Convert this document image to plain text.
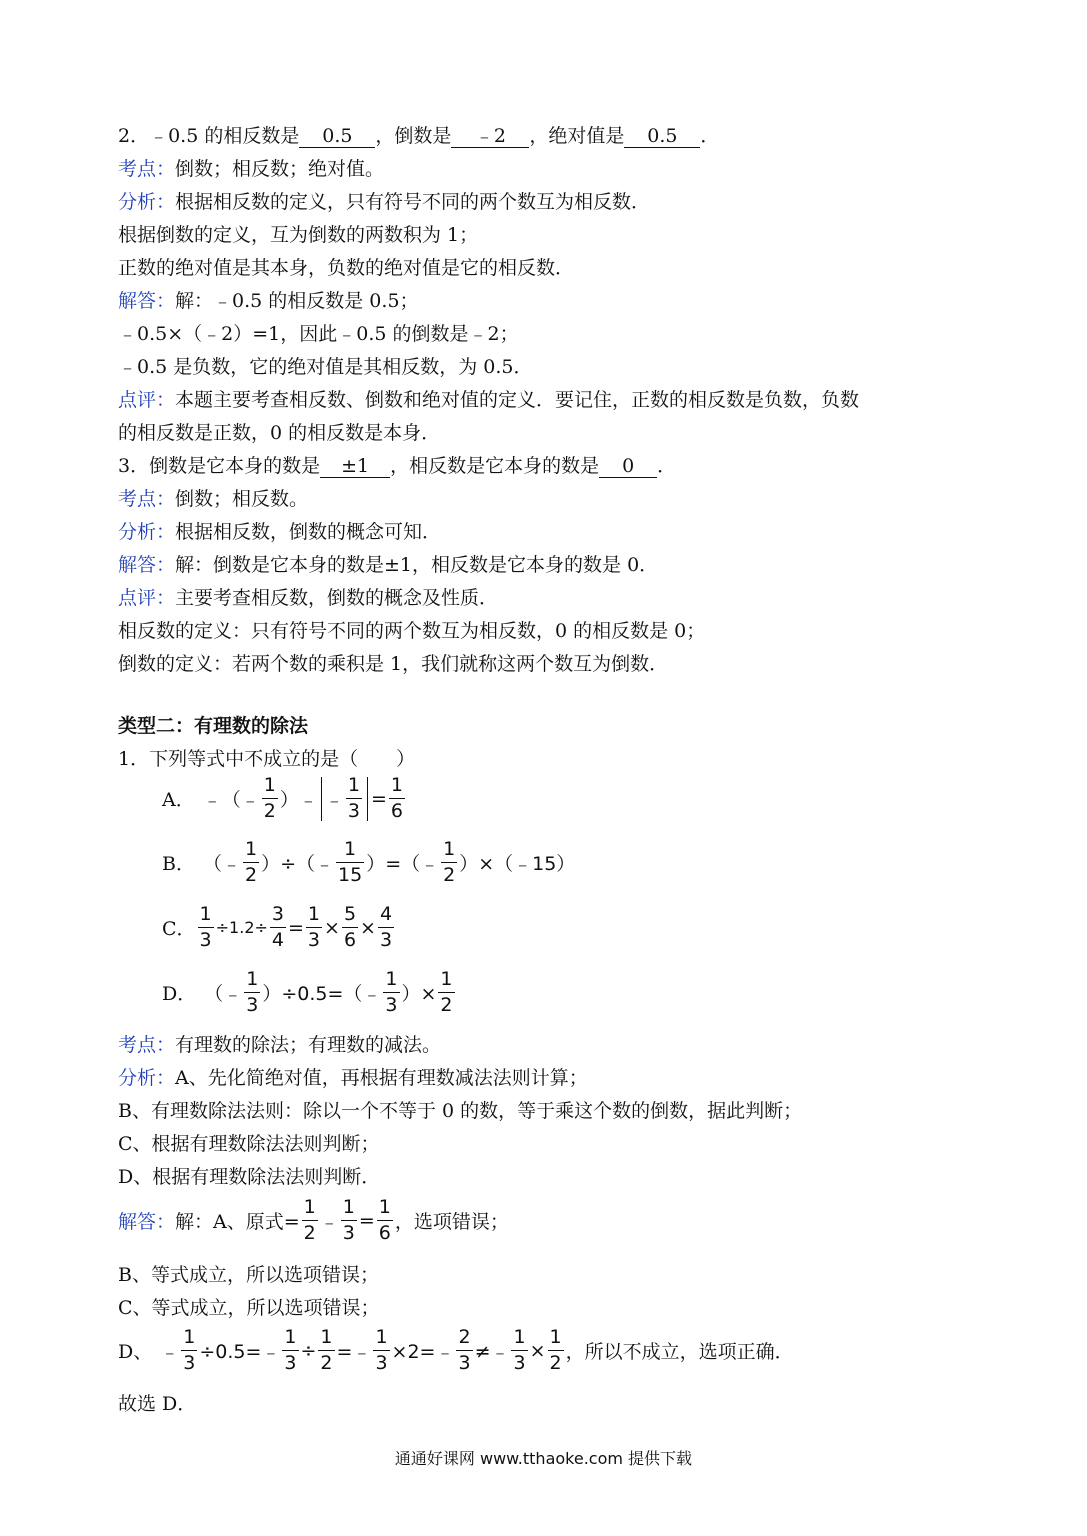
2．﹣0.5 的相反数是 0.5 ，倒数是 ﹣2 ，绝对值是 0.5 ．
考点：倒数；相反数；绝对值。
分析：根据相反数的定义，只有符号不同的两个数互为相反数．
根据倒数的定义，互为倒数的两数积为 1；
正数的绝对值是其本身，负数的绝对值是它的相反数．
解答：解：﹣0.5 的相反数是 0.5；
﹣0.5×（﹣2）=1，因此﹣0.5 的倒数是﹣2；
﹣0.5 是负数，它的绝对值是其相反数，为 0.5．
点评：本题主要考查相反数、倒数和绝对值的定义．要记住，正数的相反数是负数，负数
的相反数是正数，0 的相反数是本身．
3．倒数是它本身的数是 ±1 ，相反数是它本身的数是 0 ．
考点：倒数；相反数。
分析：根据相反数，倒数的概念可知．
解答：解：倒数是它本身的数是±1，相反数是它本身的数是 0．
点评：主要考查相反数，倒数的概念及性质．
相反数的定义：只有符号不同的两个数互为相反数，0 的相反数是 0；
倒数的定义：若两个数的乘积是 1，我们就称这两个数互为倒数．
类型二：有理数的除法
1．下列等式中不成立的是（　　）
A． ﹣（﹣ $\frac{1}{2}$ ）﹣ ﹣ $\frac{1}{3} = \frac{1}{6}$
B． （﹣ $\frac{1}{2}$ ）÷（﹣ $\frac{1}{15}$ ）=（﹣ $\frac{1}{2}$ ）×（﹣15）
C． $\frac{1}{3} \div 1.2\div \frac{3}{4} = \frac{1}{3} \times \frac{5}{6} \times \frac{4}{3}$
D． （﹣ $\frac{1}{3}$ ）÷0.5=（﹣ $\frac{1}{3}$ ）× $\frac{1}{2}$
考点：有理数的除法；有理数的减法。
分析：A、先化简绝对值，再根据有理数减法法则计算；
B、有理数除法法则：除以一个不等于 0 的数，等于乘这个数的倒数，据此判断；
C、根据有理数除法法则判断；
D、根据有理数除法法则判断．
解答： 解：A、原式= $\frac{1}{2}$ ﹣ $\frac{1}{3} = \frac{1}{6}$ ，选项错误；
B、等式成立，所以选项错误；
C、等式成立，所以选项错误；
D、 ﹣ $\frac{1}{3}$ ÷0.5=﹣ $\frac{1}{3} \div \frac{1}{2}$ =﹣ $\frac{1}{3}$ ×2=﹣ $\frac{2}{3}$ ≠﹣ $\frac{1}{3} \times \frac{1}{2}$ ，所以不成立，选项正确．
故选 D．
通通好课网 www.tthaoke.com 提供下载
